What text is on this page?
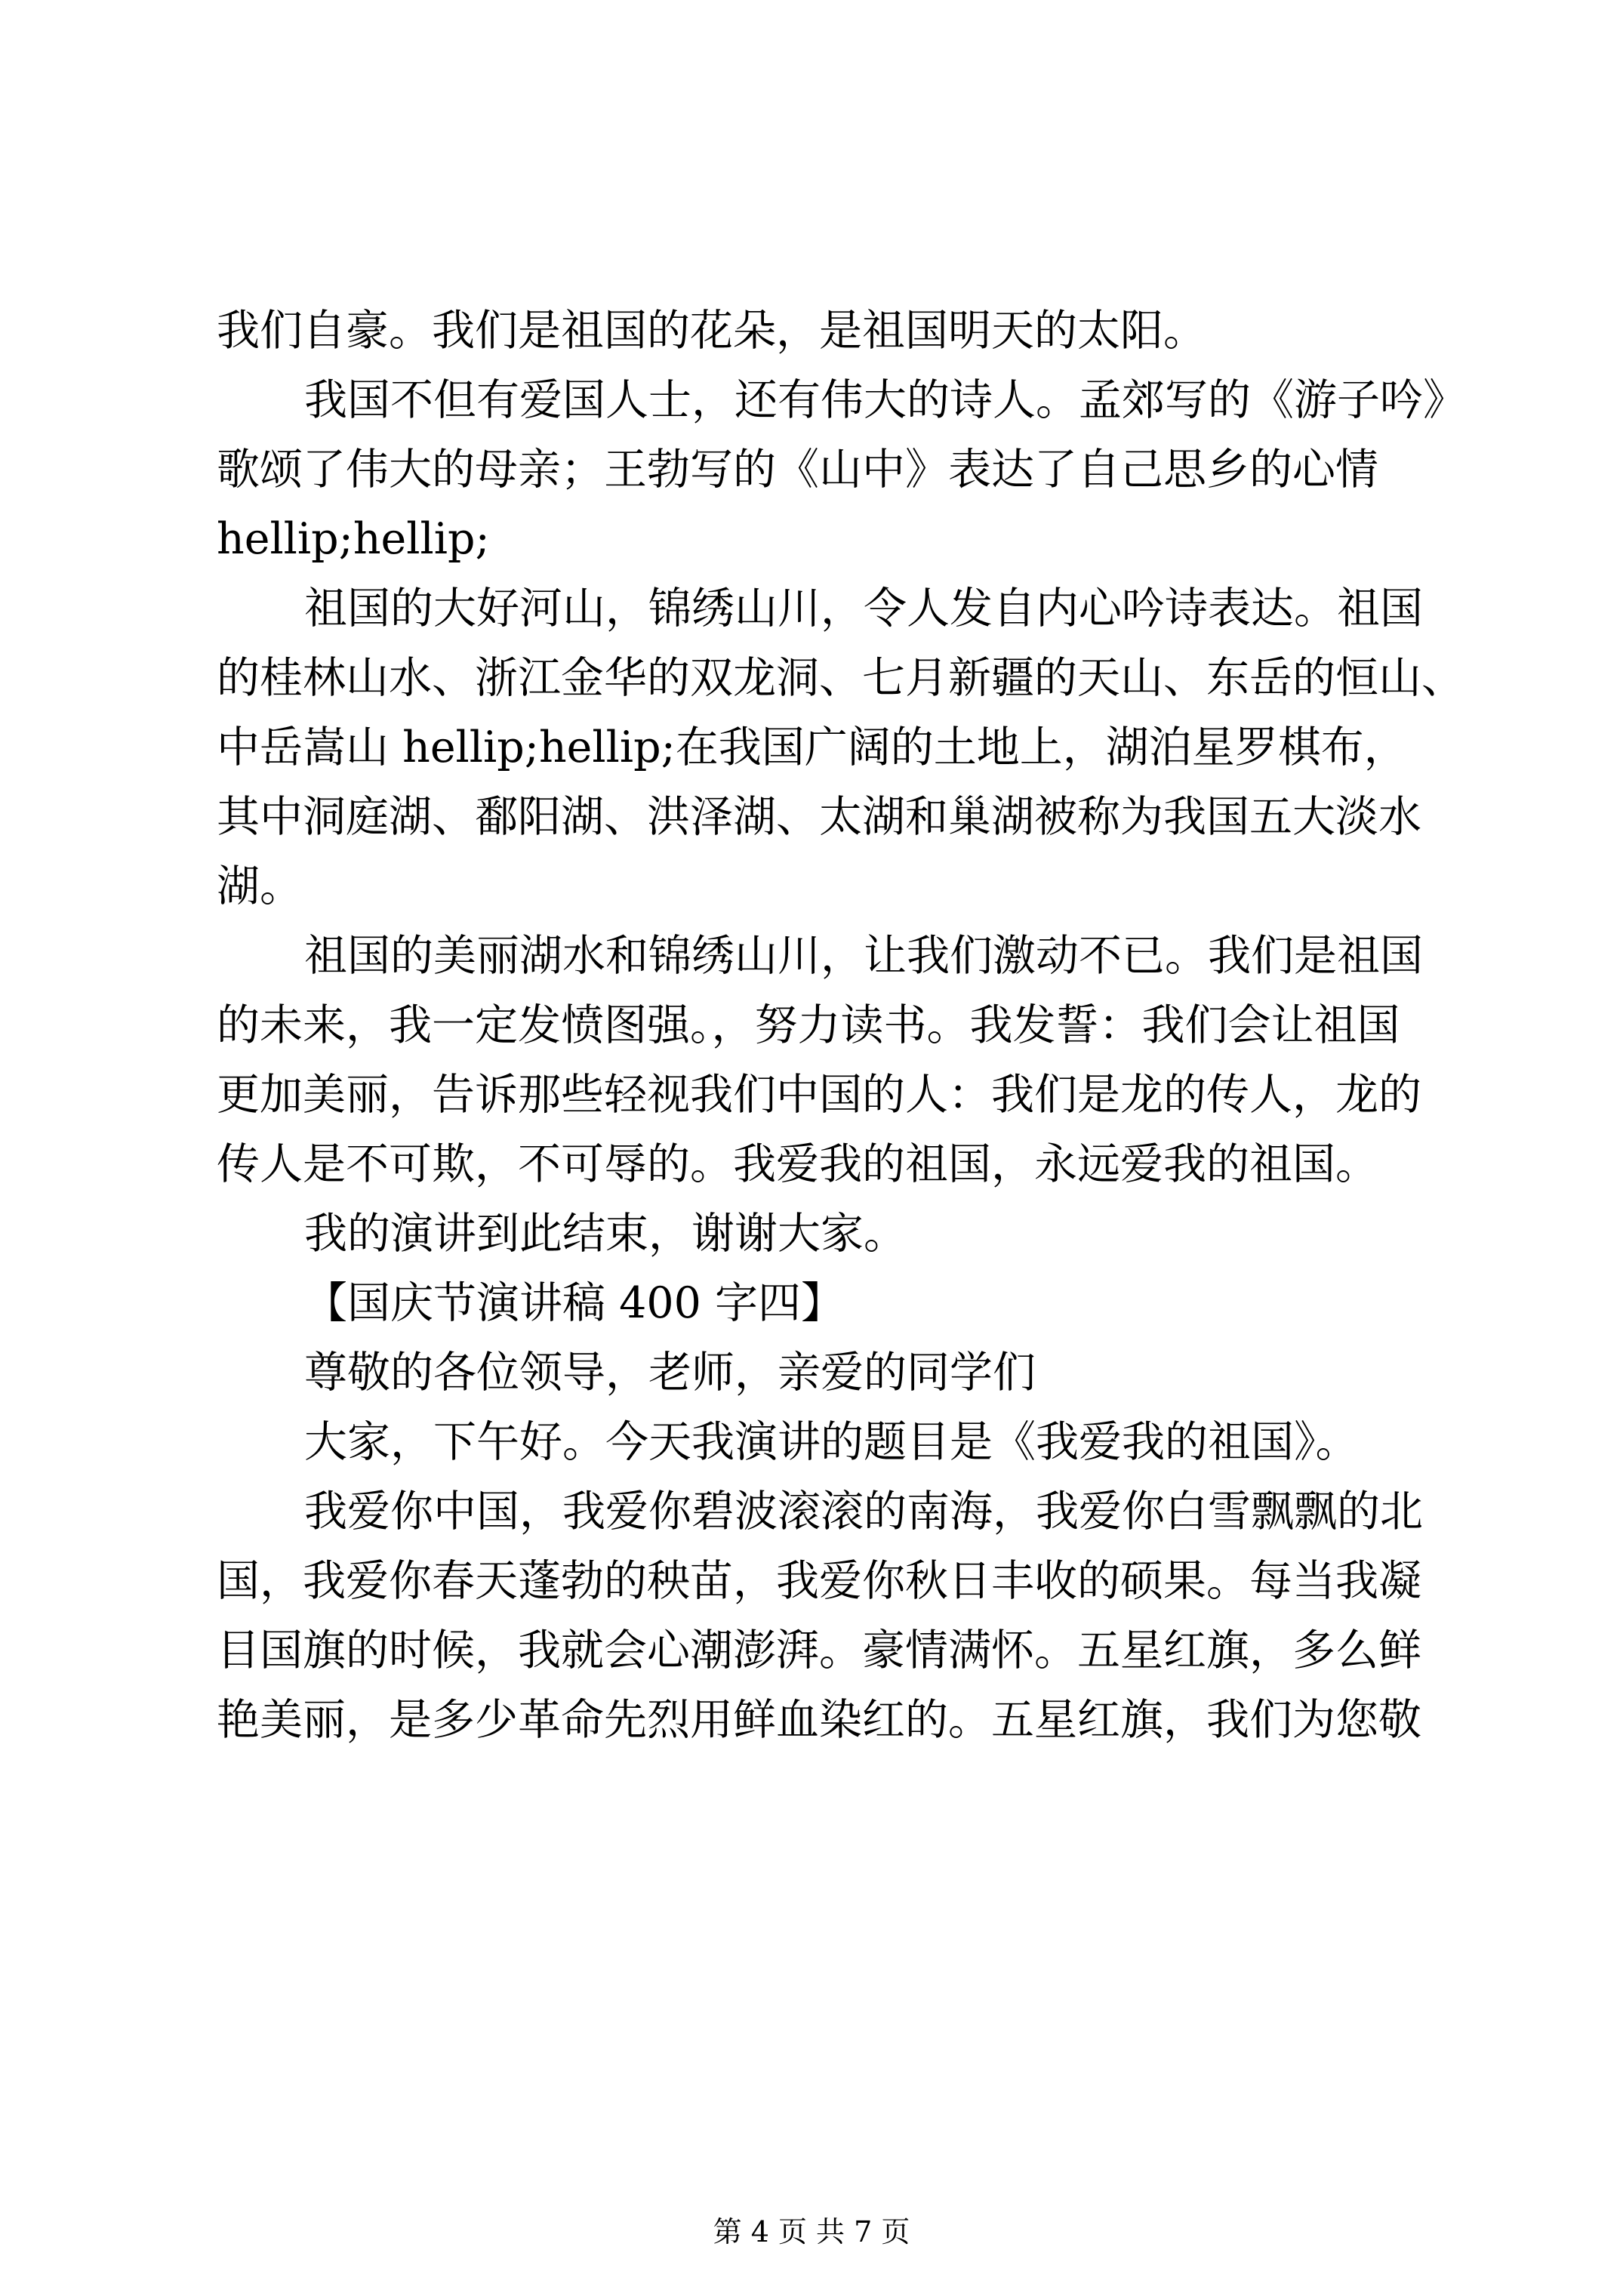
我们自豪。我们是祖国的花朵，是祖国明天的太阳。
我国不但有爱国人士，还有伟大的诗人。孟郊写的《游子吟》
歌颂了伟大的母亲；王勃写的《山中》表达了自己思乡的心情
hellip;hellip;
祖国的大好河山，锦绣山川，令人发自内心吟诗表达。祖国
的桂林山水、浙江金华的双龙洞、七月新疆的天山、东岳的恒山、
中岳嵩山 hellip;hellip;在我国广阔的土地上，湖泊星罗棋布，
其中洞庭湖、鄱阳湖、洪泽湖、太湖和巢湖被称为我国五大淡水
湖。
祖国的美丽湖水和锦绣山川，让我们激动不已。我们是祖国
的未来，我一定发愤图强。，努力读书。我发誓：我们会让祖国
更加美丽，告诉那些轻视我们中国的人：我们是龙的传人，龙的
传人是不可欺，不可辱的。我爱我的祖国，永远爱我的祖国。
我的演讲到此结束，谢谢大家。
【国庆节演讲稿 400 字四】
尊敬的各位领导，老师，亲爱的同学们
大家，下午好。今天我演讲的题目是《我爱我的祖国》。
我爱你中国，我爱你碧波滚滚的南海，我爱你白雪飘飘的北
国，我爱你春天蓬勃的秧苗，我爱你秋日丰收的硕果。每当我凝
目国旗的时候，我就会心潮澎湃。豪情满怀。五星红旗，多么鲜
艳美丽，是多少革命先烈用鲜血染红的。五星红旗，我们为您敬
第 4 页 共 7 页
